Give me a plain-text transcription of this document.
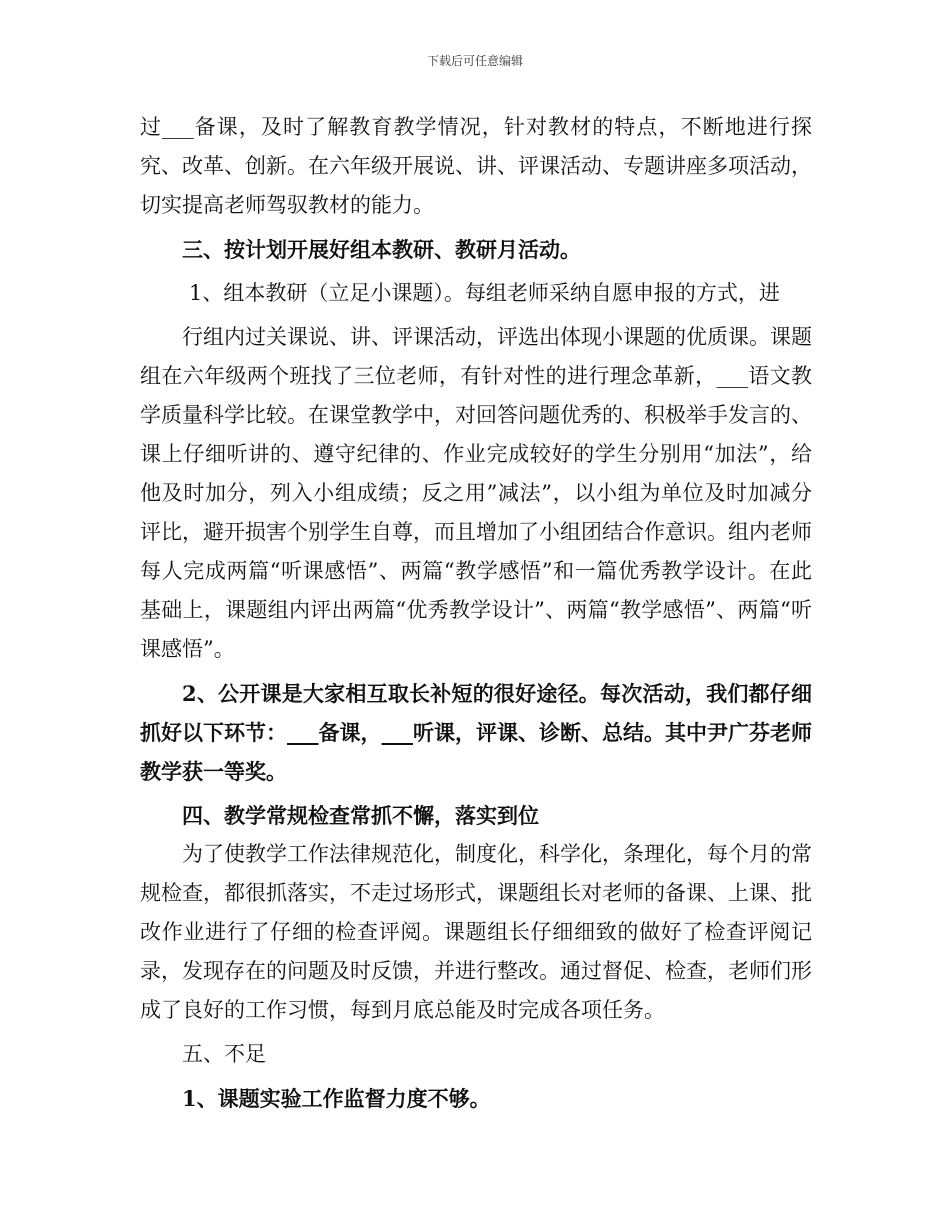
下载后可任意编辑

过___备课，及时了解教育教学情况，针对教材的特点，不断地进行探究、改革、创新。在六年级开展说、讲、评课活动、专题讲座多项活动，切实提高老师驾驭教材的能力。

三、按计划开展好组本教研、教研月活动。

1、组本教研（立足小课题）。每组老师采纳自愿申报的方式，进

行组内过关课说、讲、评课活动，评选出体现小课题的优质课。课题组在六年级两个班找了三位老师，有针对性的进行理念革新，___语文教学质量科学比较。在课堂教学中，对回答问题优秀的、积极举手发言的、课上仔细听讲的、遵守纪律的、作业完成较好的学生分别用“加法”，给他及时加分，列入小组成绩；反之用”减法”，以小组为单位及时加减分评比，避开损害个别学生自尊，而且增加了小组团结合作意识。组内老师每人完成两篇“听课感悟”、两篇“教学感悟”和一篇优秀教学设计。在此基础上，课题组内评出两篇“优秀教学设计”、两篇“教学感悟”、两篇“听课感悟”。

2、公开课是大家相互取长补短的很好途径。每次活动，我们都仔细抓好以下环节：___备课，___听课，评课、诊断、总结。其中尹广芬老师教学获一等奖。

四、教学常规检查常抓不懈，落实到位

为了使教学工作法律规范化，制度化，科学化，条理化，每个月的常规检查，都很抓落实，不走过场形式，课题组长对老师的备课、上课、批改作业进行了仔细的检查评阅。课题组长仔细细致的做好了检查评阅记录，发现存在的问题及时反馈，并进行整改。通过督促、检查，老师们形成了良好的工作习惯，每到月底总能及时完成各项任务。

五、不足

1、课题实验工作监督力度不够。
